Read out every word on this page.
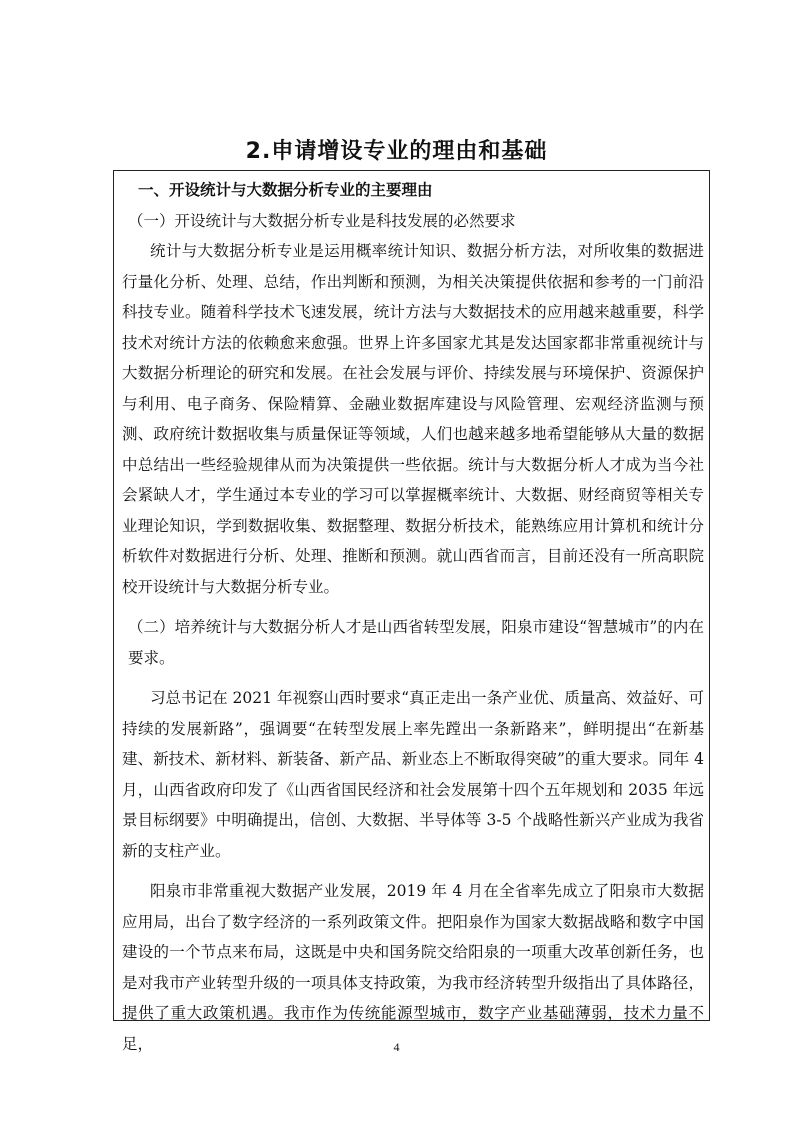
2.申请增设专业的理由和基础

一、开设统计与大数据分析专业的主要理由

（一）开设统计与大数据分析专业是科技发展的必然要求

统计与大数据分析专业是运用概率统计知识、数据分析方法，对所收集的数据进行量化分析、处理、总结，作出判断和预测，为相关决策提供依据和参考的一门前沿科技专业。随着科学技术飞速发展，统计方法与大数据技术的应用越来越重要，科学技术对统计方法的依赖愈来愈强。世界上许多国家尤其是发达国家都非常重视统计与大数据分析理论的研究和发展。在社会发展与评价、持续发展与环境保护、资源保护与利用、电子商务、保险精算、金融业数据库建设与风险管理、宏观经济监测与预测、政府统计数据收集与质量保证等领域，人们也越来越多地希望能够从大量的数据中总结出一些经验规律从而为决策提供一些依据。统计与大数据分析人才成为当今社会紧缺人才，学生通过本专业的学习可以掌握概率统计、大数据、财经商贸等相关专业理论知识，学到数据收集、数据整理、数据分析技术，能熟练应用计算机和统计分析软件对数据进行分析、处理、推断和预测。就山西省而言，目前还没有一所高职院校开设统计与大数据分析专业。

（二）培养统计与大数据分析人才是山西省转型发展，阳泉市建设“智慧城市”的内在要求。

习总书记在 2021 年视察山西时要求“真正走出一条产业优、质量高、效益好、可持续的发展新路”，强调要“在转型发展上率先蹚出一条新路来”，鲜明提出“在新基建、新技术、新材料、新装备、新产品、新业态上不断取得突破”的重大要求。同年 4 月，山西省政府印发了《山西省国民经济和社会发展第十四个五年规划和 2035 年远景目标纲要》中明确提出，信创、大数据、半导体等 3-5 个战略性新兴产业成为我省新的支柱产业。

阳泉市非常重视大数据产业发展，2019 年 4 月在全省率先成立了阳泉市大数据应用局，出台了数字经济的一系列政策文件。把阳泉作为国家大数据战略和数字中国建设的一个节点来布局，这既是中央和国务院交给阳泉的一项重大改革创新任务，也是对我市产业转型升级的一项具体支持政策，为我市经济转型升级指出了具体路径，提供了重大政策机遇。我市作为传统能源型城市，数字产业基础薄弱，技术力量不足，	4
